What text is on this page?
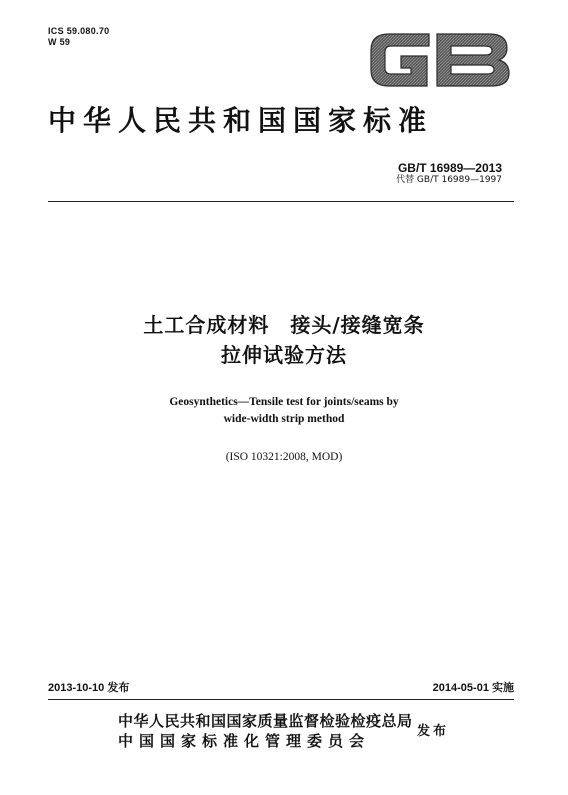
ICS 59.080.70
W 59
中华人民共和国国家标准
GB/T 16989—2013
代替 GB/T 16989—1997
土工合成材料　接头/接缝宽条
拉伸试验方法
Geosynthetics—Tensile test for joints/seams by
wide-width strip method
(ISO 10321:2008, MOD)
2013-10-10 发布	2014-05-01 实施
中华人民共和国国家质量监督检验检疫总局
中国国家标准化管理委员会
发布
